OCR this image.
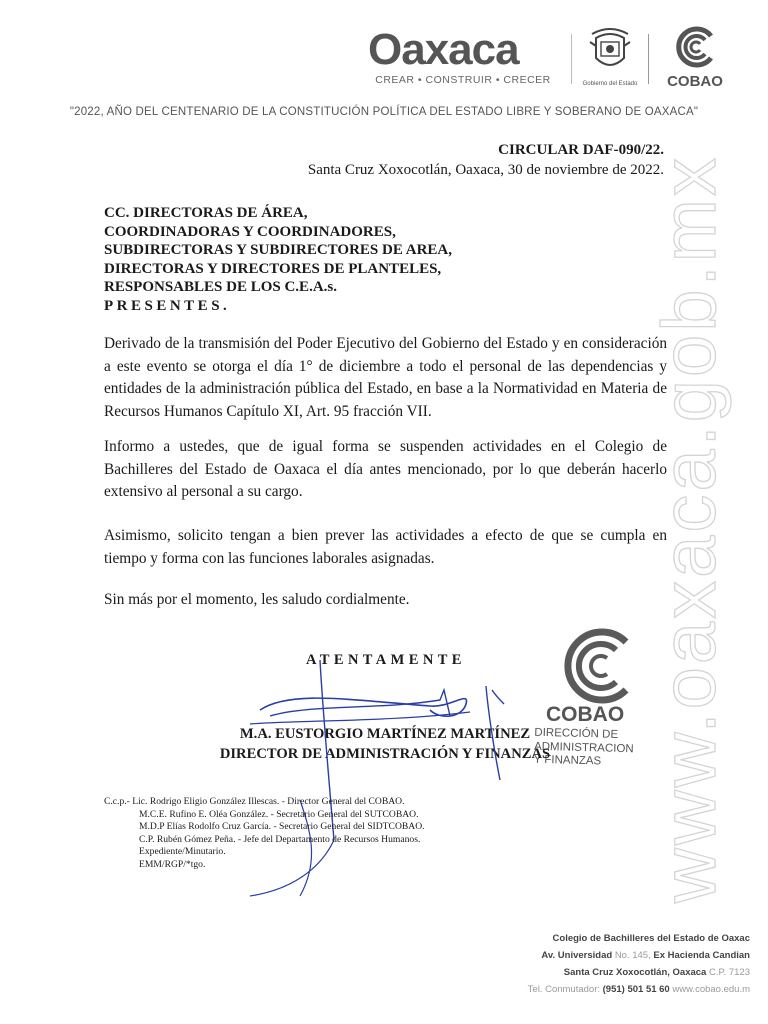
Oaxaca
CREAR • CONSTRUIR • CRECER	Gobierno del Estado	COBAO
"2022, AÑO DEL CENTENARIO DE LA CONSTITUCIÓN POLÍTICA DEL ESTADO LIBRE Y SOBERANO DE OAXACA"
CIRCULAR DAF-090/22.
Santa Cruz Xoxocotlán, Oaxaca, 30 de noviembre de 2022.
CC. DIRECTORAS DE ÁREA,
COORDINADORAS Y COORDINADORES,
SUBDIRECTORAS Y SUBDIRECTORES DE AREA,
DIRECTORAS Y DIRECTORES DE PLANTELES,
RESPONSABLES DE LOS C.E.A.s.
PRESENTES.
Derivado de la transmisión del Poder Ejecutivo del Gobierno del Estado y en consideración a este evento se otorga el día 1° de diciembre a todo el personal de las dependencias y entidades de la administración pública del Estado, en base a la Normatividad en Materia de Recursos Humanos Capítulo XI, Art. 95 fracción VII.
Informo a ustedes, que de igual forma se suspenden actividades en el Colegio de Bachilleres del Estado de Oaxaca el día antes mencionado, por lo que deberán hacerlo extensivo al personal a su cargo.
Asimismo, solicito tengan a bien prever las actividades a efecto de que se cumpla en tiempo y forma con las funciones laborales asignadas.
Sin más por el momento, les saludo cordialmente.
ATENTAMENTE
COBAO
DIRECCIÓN DE
ADMINISTRACION
Y FINANZAS
M.A. EUSTORGIO MARTÍNEZ MARTÍNEZ
DIRECTOR DE ADMINISTRACIÓN Y FINANZAS
C.c.p.- Lic. Rodrigo Eligio González Illescas. - Director General del COBAO.
M.C.E. Rufino E. Oléa González. - Secretario General del SUTCOBAO.
M.D.P Elías Rodolfo Cruz García. - Secretario General del SIDTCOBAO.
C.P. Rubén Gómez Peña. - Jefe del Departamento de Recursos Humanos.
Expediente/Minutario.
EMM/RGP/*tgo.	www.oaxaca.gob.mx
Colegio de Bachilleres del Estado de Oaxac
Av. Universidad No. 145, Ex Hacienda Candian
Santa Cruz Xoxocotlán, Oaxaca C.P. 7123
Tel. Conmutador: (951) 501 51 60 www.cobao.edu.m
